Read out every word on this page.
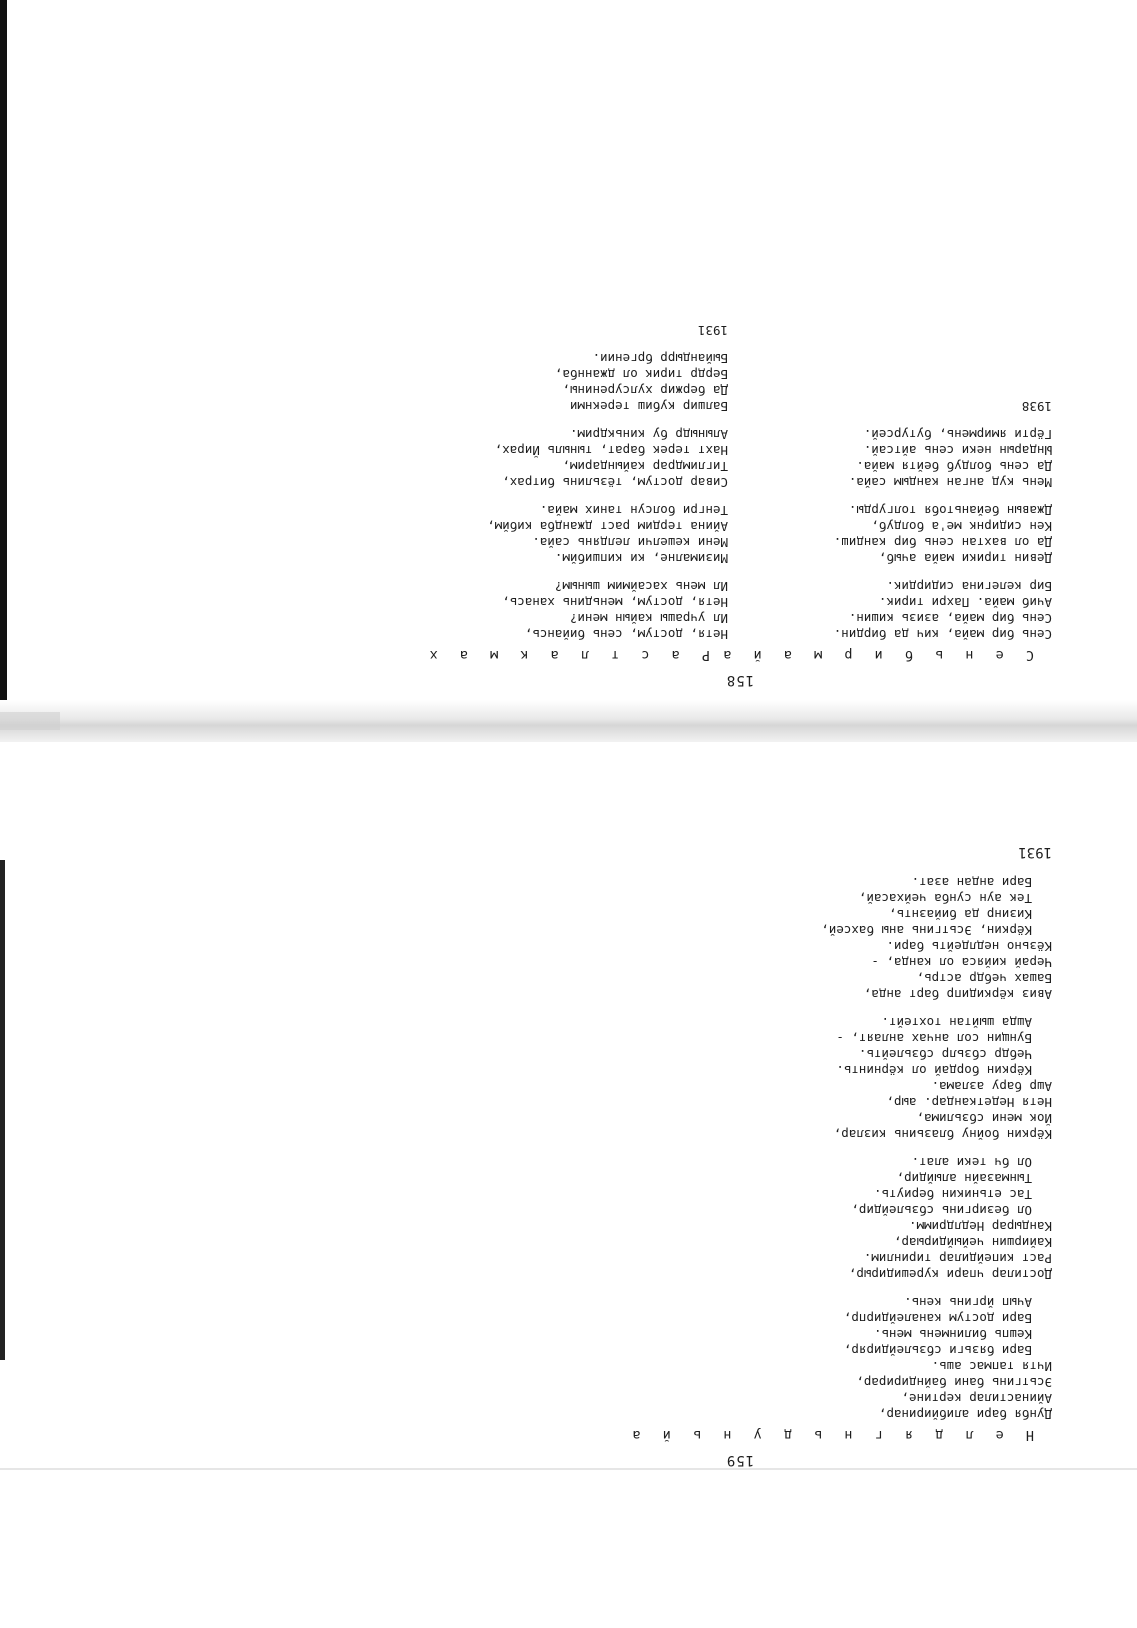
158
С е н ь б и р м а й а
Сень бир майа, кич да бирдин.
Сень бир майа, азизь кишин.
Ачиб майа. Пахри тирик.
Бир келегина сидирдик.
Девин тирики майа ачыб,
Да ол вахтан сень бир кандиш.
Кен сидирнк ме'а болдуб,
Джавын бейаньтобя толгурды.
Мень куд анган кандым сайа.
Да сень болдуб бейтя майа.
Ындарын неки сень айтсай.
Гёрти ямирмень, бутурсей.
1938
Р а с т л а к м а х
Нетя, достум, сень бийансь,
Ил учрашы кайын мени?
Нетя, достум, меньдинь ханась,
Ил мень хасаймим шыным?
Мизималне, ки кипшибйм.
Мени кешелчи лелдянь сайа.
Айина тердим раст джандба кибйм,
Тенгри болсун таних майа.
Сивар достум, тёзьлинь битрах,
Тиглимдрар кайындарим,
Нахт терек барат, тыныль Йирах,
Алыныдр бу кинькдрим.
Балшир кубиш терекнми
Да бержир хулсуренины,
Бердр тирик ол джаннба,
Быйандырр бргении.
1931
159
Н е л д я г н ь д у н ь й а
Дунбя бари алибйиринар,
Айинастилар кертине,
Эсьтгинь бани байндирирар,
Ичтя тапмас ашь.
Бари бязьги сбзьлейдиряр,
Кешпь билинмень мень.
Бари достум каналейдирпр,
Ачып йргинь кень.
Достилар чпари курешидирыр,
Раст кипейдилар тиринлим.
Кайиршин чейыйдирыар,
Кандырар Недлдримм.
Ол безиргинь сбзьлейдир,
Тас етьникин бериуть.
Тынмазайн алыйдир,
Ол бч теки алат.
Кёркин бойну блазьинь кизлар,
Йок мени сбзьлима,
Нетя Недеткандар. аыр,
Ашр бару азлама.
Кёркин бордай ол кёрнинть.
Чебдр сбзьлр сбзьлейть.
Бунщин сол анчах анлаят, -
Ашда шыйтан тохтейт.
Авиз кёркидипр барт анда,
Башах чебдр астрь,
Черай кийяса ол канда, -
Кёзьно недлдейть бари.
Кёркин, Эсьтгинь аны бахсей,
Кизинр да бийазнть,
Тек аун сунба чейхасай,
Бари андан азат.
1931
